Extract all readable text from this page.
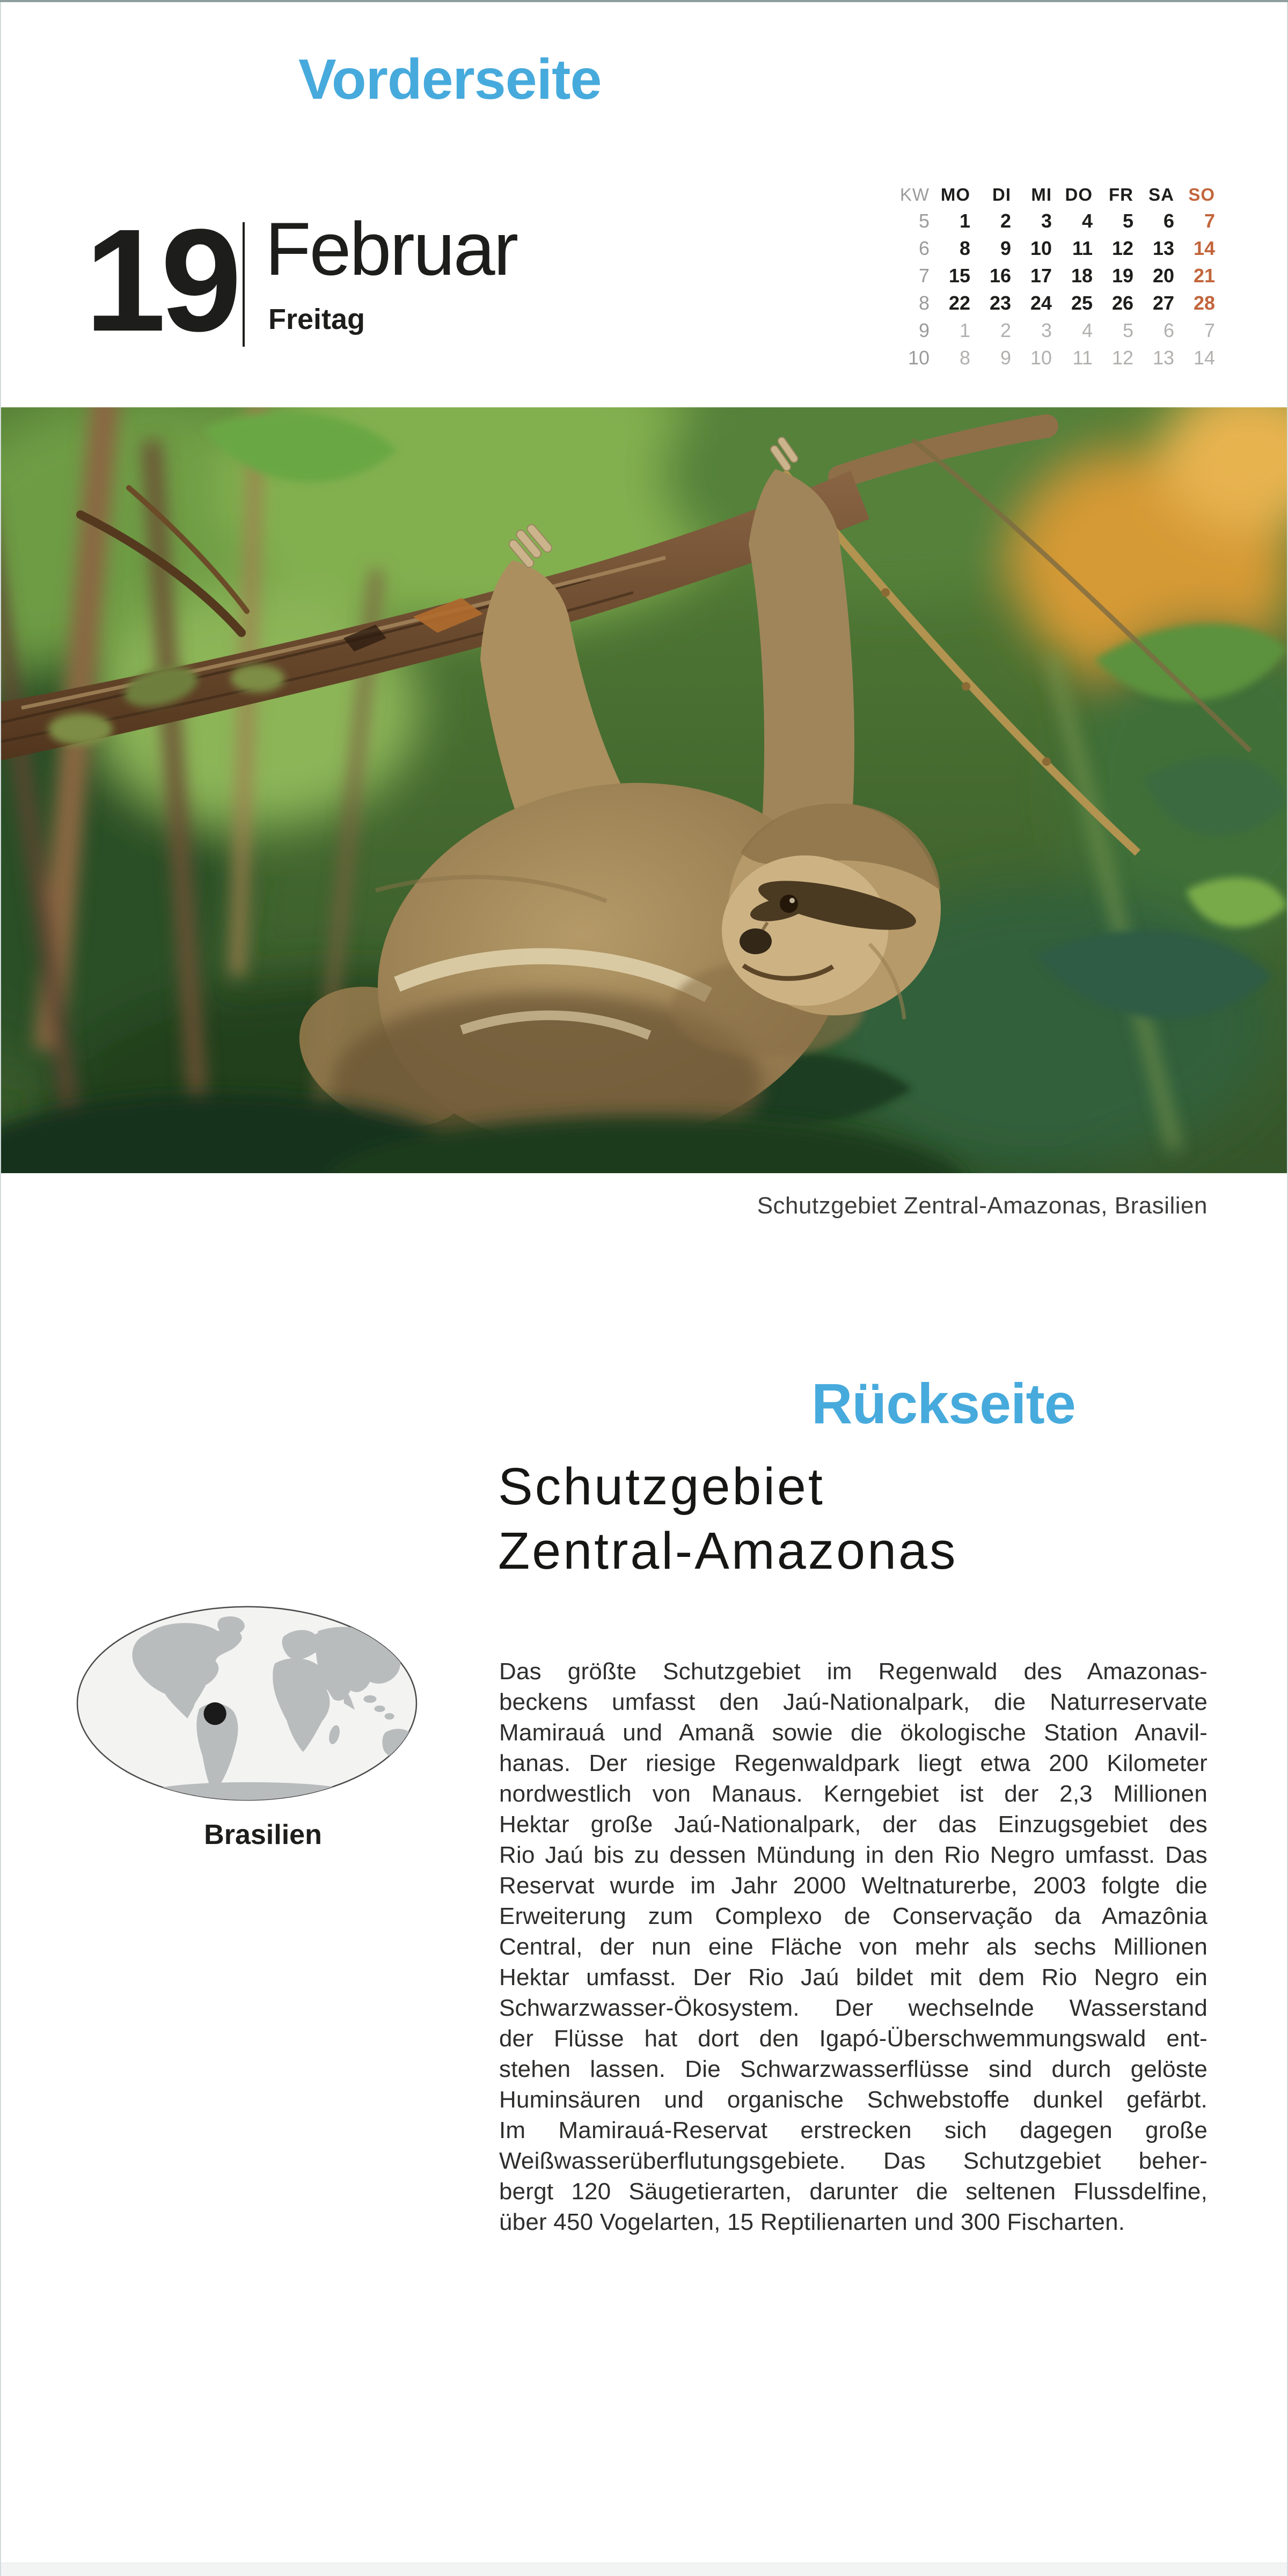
Vorderseite
19 Februar
Freitag
KW MO	DI	MI DO FR SA SO
5	1	2	3	4	5	6	7
6	8	9 10	11 12 13 14
7 15 16 17 18 19 20 21
8 22 23 24 25 26 27 28
9	1	2	3	4	5	6	7
10	8	9 10	11 12 13 14
Schutzgebiet Zentral-Amazonas, Brasilien
Rückseite
Schutzgebiet
Zentral-Amazonas
Brasilien
Das größte Schutzgebiet im Regenwald des Amazonas-
beckens umfasst den Jaú-Nationalpark, die Naturreservate
Mamirauá und Amanã sowie die ökologische Station Anavil-
hanas. Der riesige Regenwaldpark liegt etwa 200 Kilometer
nordwestlich von Manaus. Kerngebiet ist der 2,3 Millionen
Hektar große Jaú-Nationalpark, der das Einzugsgebiet des
Rio Jaú bis zu dessen Mündung in den Rio Negro umfasst. Das
Reservat wurde im Jahr 2000 Weltnaturerbe, 2003 folgte die
Erweiterung zum Complexo de Conservação da Amazônia
Central, der nun eine Fläche von mehr als sechs Millionen
Hektar umfasst. Der Rio Jaú bildet mit dem Rio Negro ein
Schwarzwasser-Ökosystem. Der wechselnde Wasserstand
der Flüsse hat dort den Igapó-Überschwemmungswald ent-
stehen lassen. Die Schwarzwasserflüsse sind durch gelöste
Huminsäuren und organische Schwebstoffe dunkel gefärbt.
Im Mamirauá-Reservat erstrecken sich dagegen große
Weißwasserüberflutungsgebiete. Das Schutzgebiet beher-
bergt 120 Säugetierarten, darunter die seltenen Flussdelfine,
über 450 Vogelarten, 15 Reptilienarten und 300 Fischarten.
